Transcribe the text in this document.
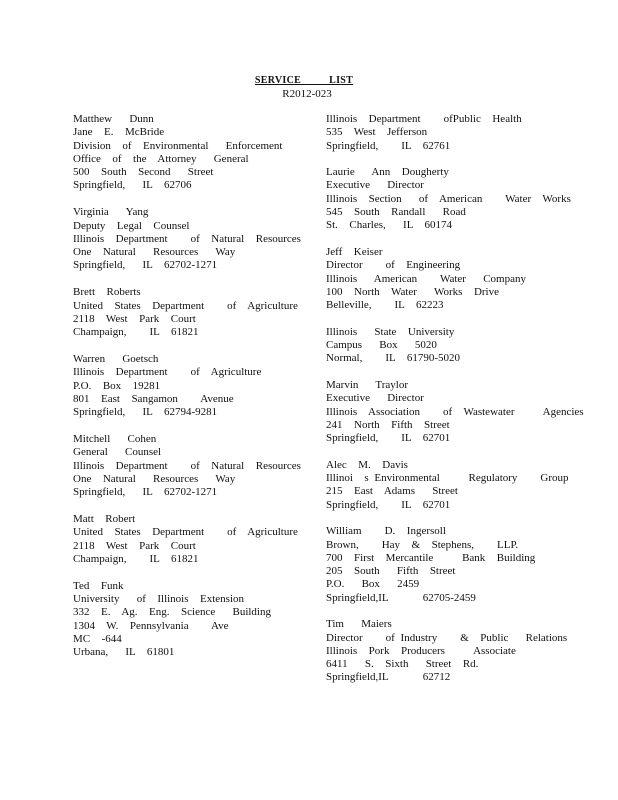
SERVICE          LIST
R2012-023
Matthew   Dunn
Jane  E.  McBride
Division  of  Environmental   Enforcement
Office  of  the  Attorney   General
500  South  Second   Street
Springfield,   IL  62706
Virginia   Yang
Deputy  Legal  Counsel
Illinois  Department    of  Natural  Resources
One  Natural   Resources   Way
Springfield,   IL  62702-1271
Brett  Roberts
United  States  Department    of  Agriculture
2118  West  Park  Court
Champaign,    IL  61821
Warren   Goetsch
Illinois  Department    of  Agriculture
P.O.  Box  19281
801  East  Sangamon    Avenue
Springfield,   IL  62794-9281
Mitchell   Cohen
General   Counsel
Illinois  Department    of  Natural  Resources
One  Natural   Resources   Way
Springfield,   IL  62702-1271
Matt  Robert
United  States  Department    of  Agriculture
2118  West  Park  Court
Champaign,    IL  61821
Ted  Funk
University   of  Illinois  Extension
332  E.  Ag.  Eng.  Science   Building
1304  W.  Pennsylvania    Ave
MC  -644
Urbana,   IL  61801
Illinois  Department    ofPublic  Health
535  West  Jefferson
Springfield,    IL  62761
Laurie   Ann  Dougherty
Executive   Director
Illinois  Section   of  American    Water  Works
545  South  Randall   Road
St.  Charles,   IL  60174
Jeff  Keiser
Director    of  Engineering
Illinois   American    Water   Company
100  North  Water   Works  Drive
Belleville,    IL  62223
Illinois   State  University
Campus   Box   5020
Normal,    IL  61790-5020
Marvin   Traylor
Executive   Director
Illinois  Association    of  Wastewater     Agencies
241  North  Fifth  Street
Springfield,    IL  62701
Alec  M.  Davis
Illinoi  s Environmental     Regulatory    Group
215  East  Adams   Street
Springfield,    IL  62701
William    D.  Ingersoll
Brown,    Hay  &  Stephens,    LLP.
700  First  Mercantile     Bank  Building
205  South   Fifth  Street
P.O.   Box   2459
Springfield,IL      62705-2459
Tim   Maiers
Director    of Industry    &  Public   Relations
Illinois  Pork  Producers     Associate
6411   S.  Sixth   Street  Rd.
Springfield,IL      62712
